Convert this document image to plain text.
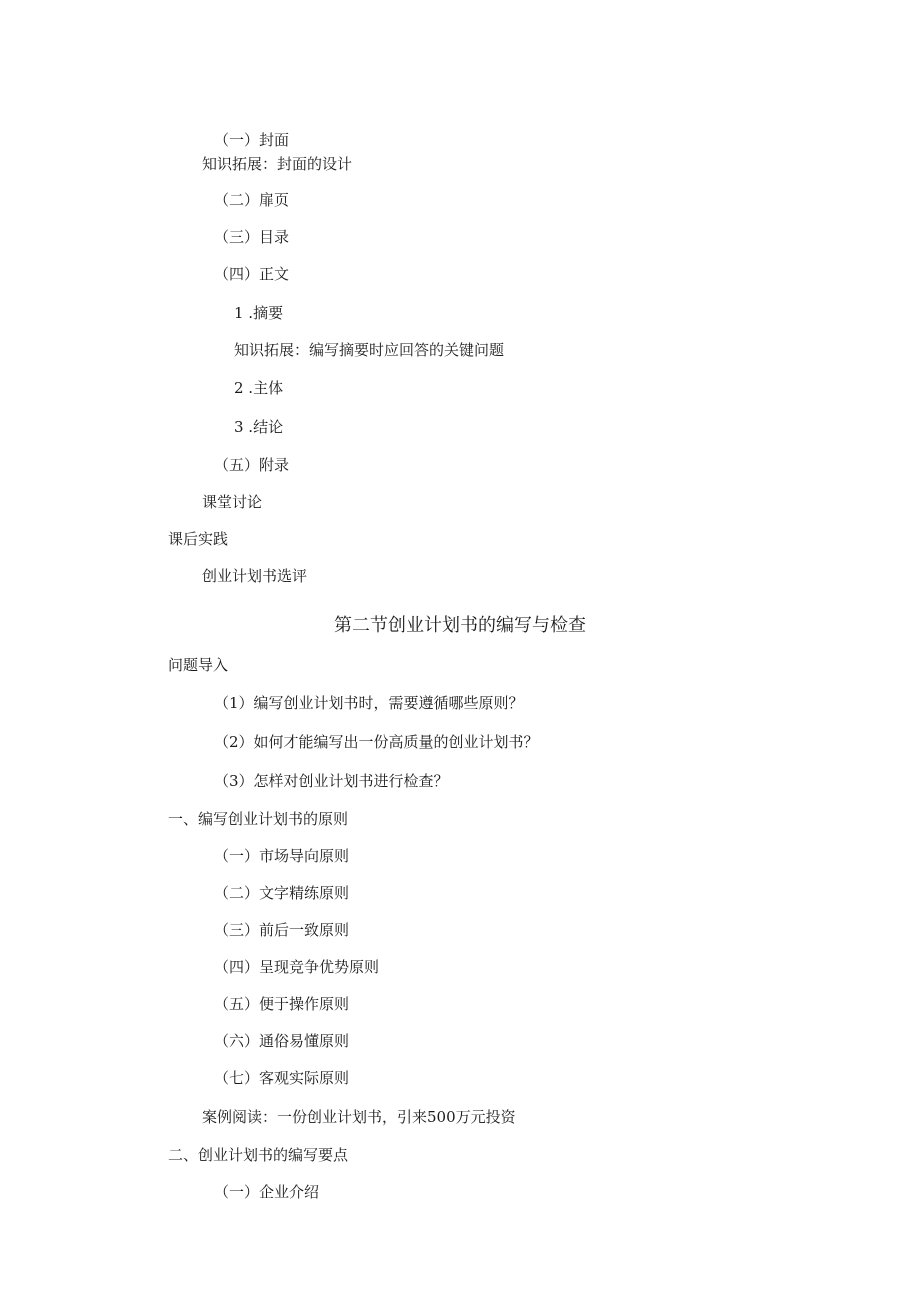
（一）封面
知识拓展：封面的设计
（二）扉页
（三）目录
（四）正文
1 .摘要
知识拓展：编写摘要时应回答的关键问题
2 .主体
3 .结论
（五）附录
课堂讨论
课后实践
创业计划书选评
第二节创业计划书的编写与检查
问题导入
（1）编写创业计划书时，需要遵循哪些原则？
（2）如何才能编写出一份高质量的创业计划书？
（3）怎样对创业计划书进行检查？
一、编写创业计划书的原则
（一）市场导向原则
（二）文字精练原则
（三）前后一致原则
（四）呈现竞争优势原则
（五）便于操作原则
（六）通俗易懂原则
（七）客观实际原则
案例阅读：一份创业计划书，引来500万元投资
二、创业计划书的编写要点
（一）企业介绍
